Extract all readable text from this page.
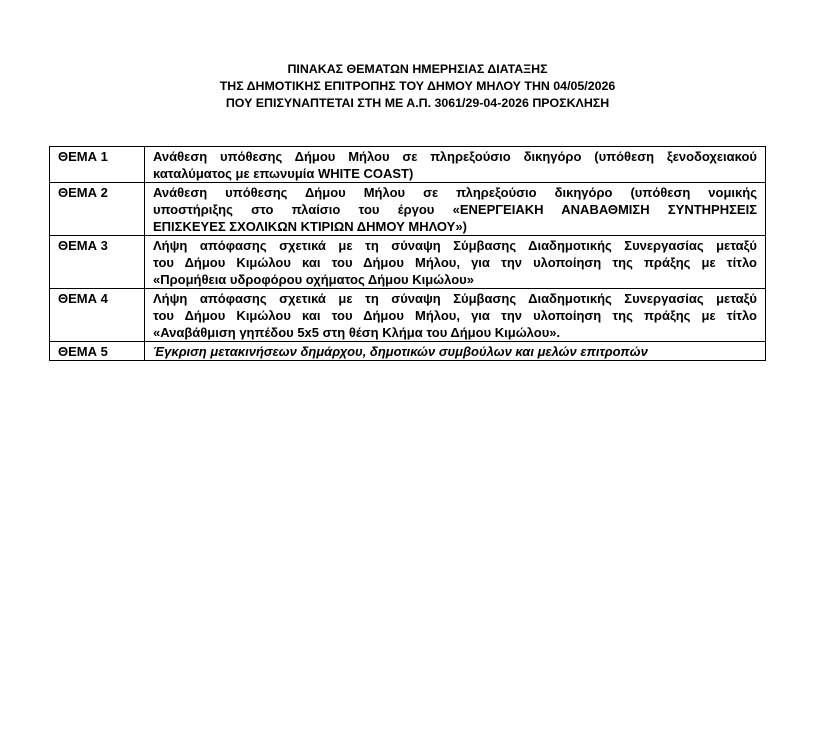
ΠΙΝΑΚΑΣ ΘΕΜΑΤΩΝ ΗΜΕΡΗΣΙΑΣ ΔΙΑΤΑΞΗΣ
ΤΗΣ ΔΗΜΟΤΙΚΗΣ ΕΠΙΤΡΟΠΗΣ ΤΟΥ ΔΗΜΟΥ ΜΗΛΟΥ ΤΗΝ 04/05/2026
ΠΟΥ ΕΠΙΣΥΝΑΠΤΕΤΑΙ ΣΤΗ ΜΕ Α.Π. 3061/29-04-2026 ΠΡΟΣΚΛΗΣΗ
ΘΕΜΑ 1	Ανάθεση υπόθεσης Δήμου Μήλου σε πληρεξούσιο δικηγόρο (υπόθεση ξενοδοχειακού
καταλύματος με επωνυμία WHITE COAST)

ΘΕΜΑ 2	Ανάθεση υπόθεσης Δήμου Μήλου σε πληρεξούσιο δικηγόρο (υπόθεση νομικής
υποστήριξης στο πλαίσιο του έργου «ΕΝΕΡΓΕΙΑΚΗ ΑΝΑΒΑΘΜΙΣΗ ΣΥΝΤΗΡΗΣΕΙΣ
ΕΠΙΣΚΕΥΕΣ ΣΧΟΛΙΚΩΝ ΚΤΙΡΙΩΝ ΔΗΜΟΥ ΜΗΛΟΥ»)

ΘΕΜΑ 3	Λήψη απόφασης σχετικά με τη σύναψη Σύμβασης Διαδημοτικής Συνεργασίας μεταξύ
του Δήμου Κιμώλου και του Δήμου Μήλου, για την υλοποίηση της πράξης με τίτλο
«Προμήθεια υδροφόρου οχήματος Δήμου Κιμώλου»

ΘΕΜΑ 4	Λήψη απόφασης σχετικά με τη σύναψη Σύμβασης Διαδημοτικής Συνεργασίας μεταξύ
του Δήμου Κιμώλου και του Δήμου Μήλου, για την υλοποίηση της πράξης με τίτλο
«Αναβάθμιση γηπέδου 5x5 στη θέση Κλήμα του Δήμου Κιμώλου».

ΘΕΜΑ 5	Έγκριση μετακινήσεων δημάρχου, δημοτικών συμβούλων και μελών επιτροπών
